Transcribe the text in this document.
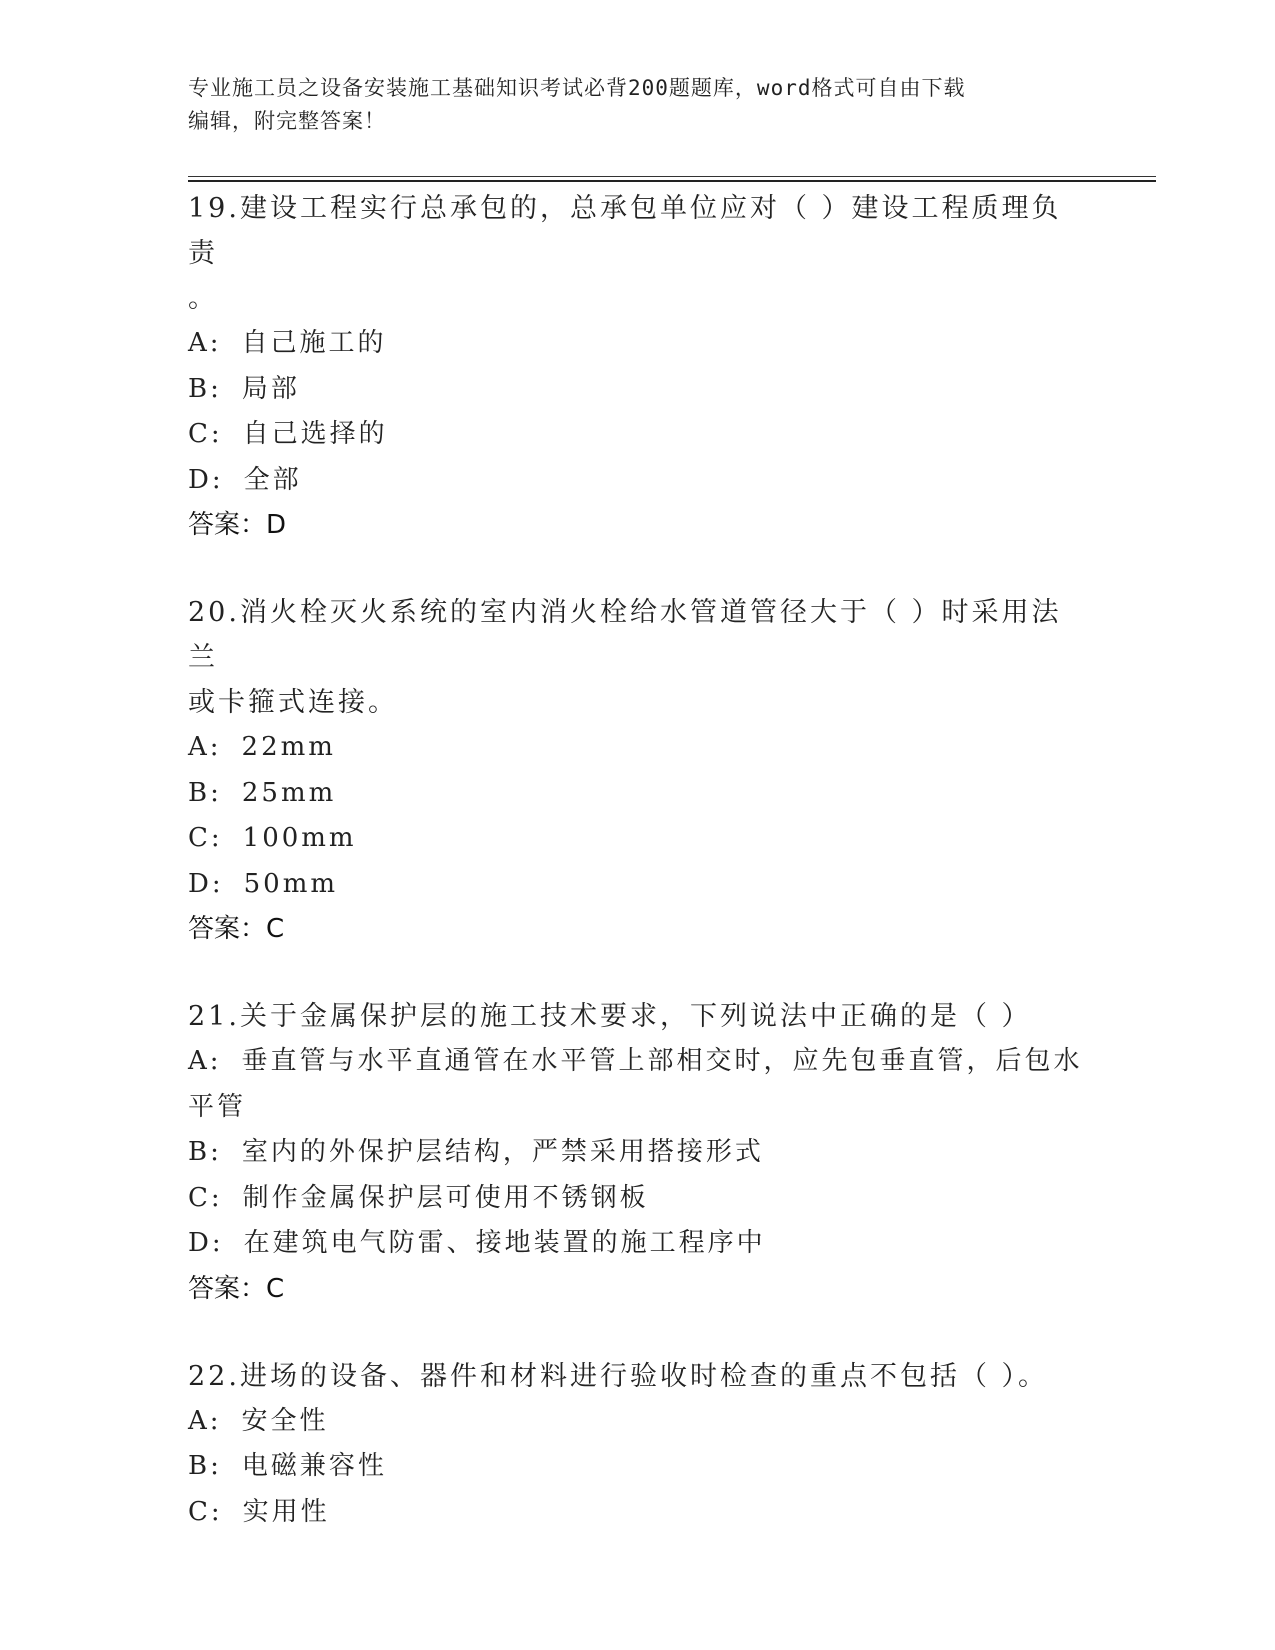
专业施工员之设备安装施工基础知识考试必背200题题库，word格式可自由下载
编辑，附完整答案！

19.建设工程实行总承包的，总承包单位应对（ ）建设工程质理负责

。

A: 自己施工的

B: 局部

C: 自己选择的

D: 全部

答案：D

20.消火栓灭火系统的室内消火栓给水管道管径大于（ ）时采用法兰

或卡箍式连接。

A: 22mm

B: 25mm

C: 100mm

D: 50mm

答案：C

21.关于金属保护层的施工技术要求，下列说法中正确的是（ ）

A: 垂直管与水平直通管在水平管上部相交时，应先包垂直管，后包水

平管

B: 室内的外保护层结构，严禁采用搭接形式

C: 制作金属保护层可使用不锈钢板

D: 在建筑电气防雷、接地装置的施工程序中

答案：C

22.进场的设备、器件和材料进行验收时检查的重点不包括（ ）。

A: 安全性

B: 电磁兼容性

C: 实用性
